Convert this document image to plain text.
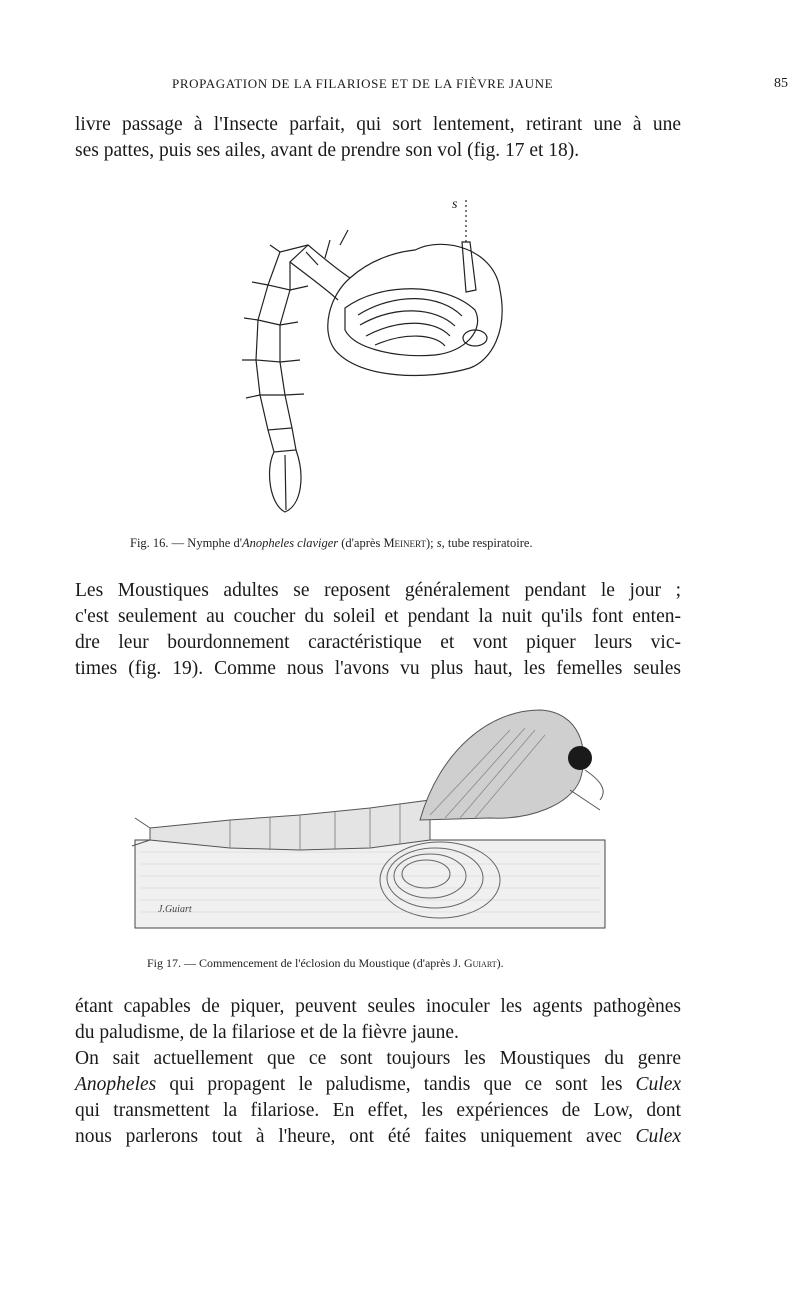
PROPAGATION DE LA FILARIOSE ET DE LA FIÈVRE JAUNE	85
livre passage à l'Insecte parfait, qui sort lentement, retirant une à une
ses pattes, puis ses ailes, avant de prendre son vol (fig. 17 et 18).
s
Fig. 16. — Nymphe d'Anopheles claviger (d'après Meinert); s, tube respiratoire.
Les Moustiques adultes se reposent généralement pendant le jour ;
c'est seulement au coucher du soleil et pendant la nuit qu'ils font enten-
dre leur bourdonnement caractéristique et vont piquer leurs vic-
times (fig. 19). Comme nous l'avons vu plus haut, les femelles seules
J.Guiart
Fig 17. — Commencement de l'éclosion du Moustique (d'après J. Guiart).
étant capables de piquer, peuvent seules inoculer les agents pathogènes
du paludisme, de la filariose et de la fièvre jaune.
On sait actuellement que ce sont toujours les Moustiques du genre
Anopheles qui propagent le paludisme, tandis que ce sont les Culex
qui transmettent la filariose. En effet, les expériences de Low, dont
nous parlerons tout à l'heure, ont été faites uniquement avec Culex
